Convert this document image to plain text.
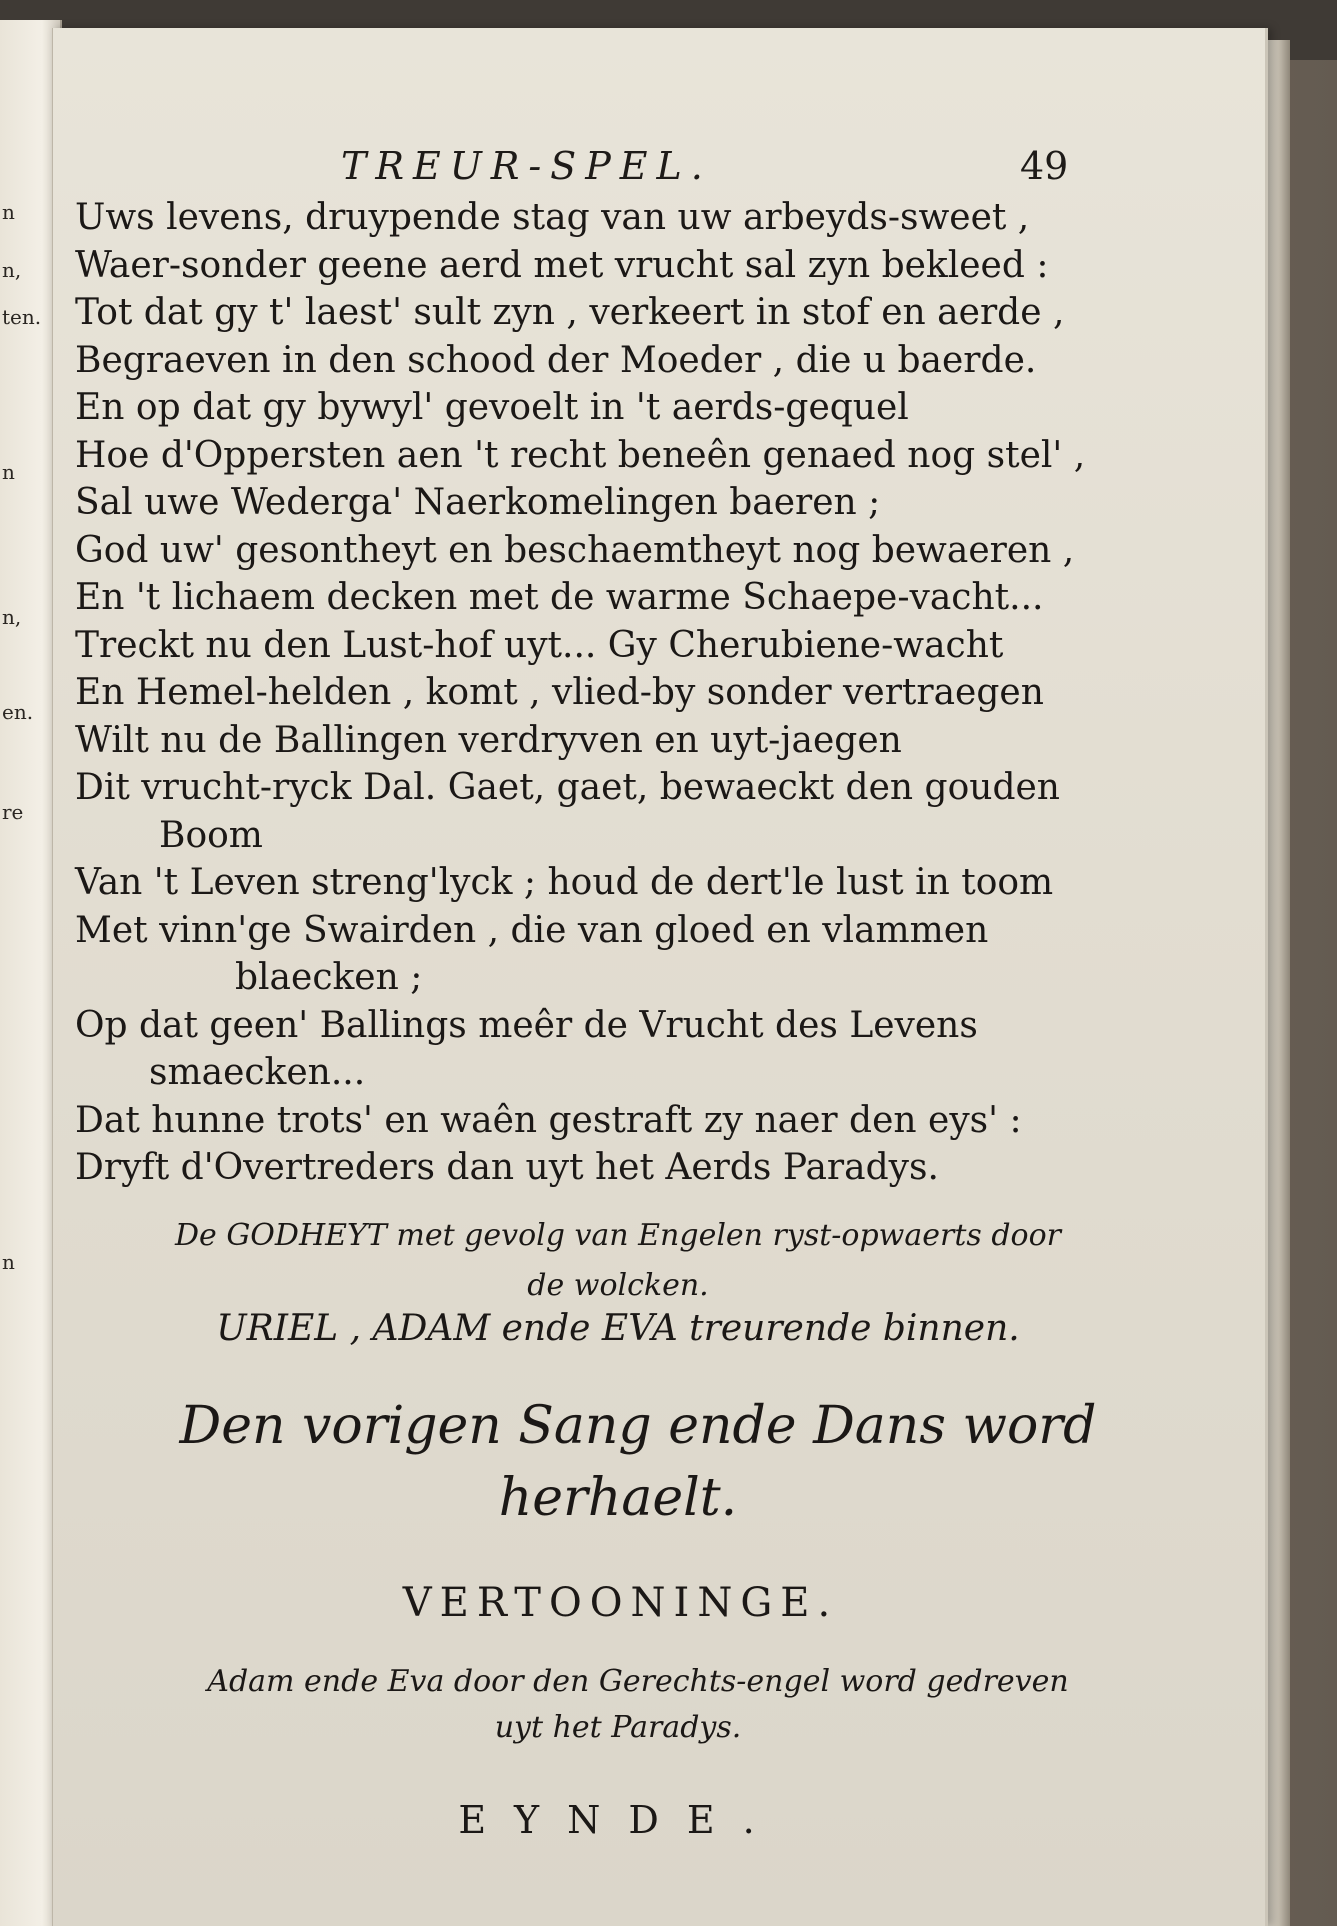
n
n,
ten.
n
n,
en.
re
n
TREUR-SPEL.	49
Uws levens, druypende stag van uw arbeyds-sweet ,
Waer-sonder geene aerd met vrucht sal zyn bekleed :
Tot dat gy t' laest' sult zyn , verkeert in stof en aerde ,
Begraeven in den schood der Moeder , die u baerde.
En op dat gy bywyl' gevoelt in 't aerds-gequel
Hoe d'Oppersten aen 't recht beneên genaed nog stel' ,
Sal uwe Wederga' Naerkomelingen baeren ;
God uw' gesontheyt en beschaemtheyt nog bewaeren ,
En 't lichaem decken met de warme Schaepe-vacht...
Treckt nu den Lust-hof uyt... Gy Cherubiene-wacht
En Hemel-helden , komt , vlied-by sonder vertraegen
Wilt nu de Ballingen verdryven en uyt-jaegen
Dit vrucht-ryck Dal. Gaet, gaet, bewaeckt den gouden
Boom
Van 't Leven streng'lyck ; houd de dert'le lust in toom
Met vinn'ge Swairden , die van gloed en vlammen
blaecken ;
Op dat geen' Ballings meêr de Vrucht des Levens
smaecken...
Dat hunne trots' en waên gestraft zy naer den eys' :
Dryft d'Overtreders dan uyt het Aerds Paradys.
De GODHEYT met gevolg van Engelen ryst-opwaerts door
de wolcken.
URIEL , ADAM ende EVA treurende binnen.
Den vorigen Sang ende Dans word
herhaelt.
VERTOONINGE.
Adam ende Eva door den Gerechts-engel word gedreven
uyt het Paradys.
EYNDE.
